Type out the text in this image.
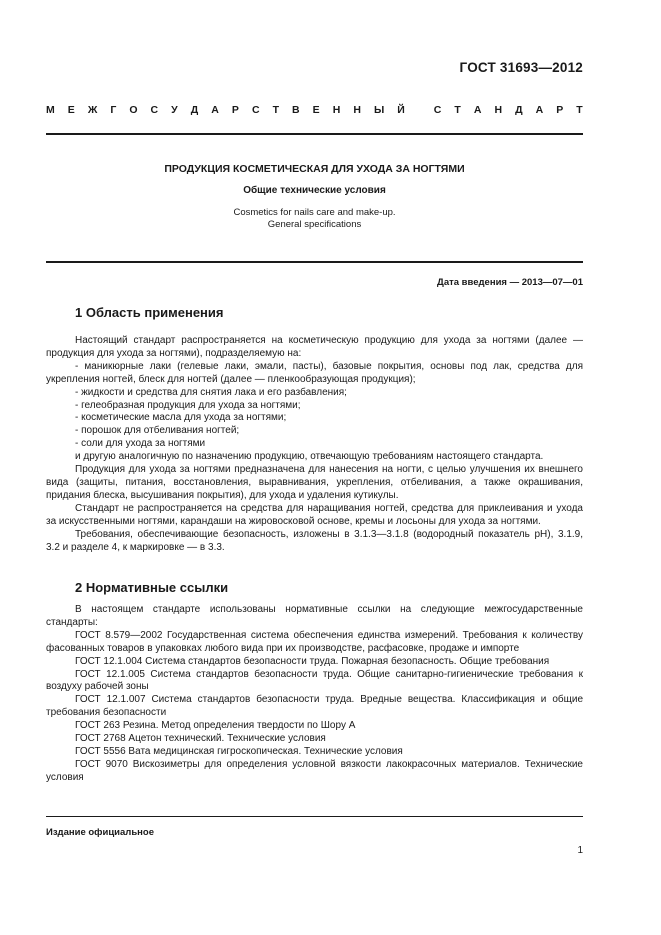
ГОСТ 31693—2012
М Е Ж Г О С У Д А Р С Т В Е Н Н Ы Й
	С Т А Н Д А Р Т
ПРОДУКЦИЯ КОСМЕТИЧЕСКАЯ ДЛЯ УХОДА ЗА НОГТЯМИ
Общие технические условия
Cosmetics for nails care and make-up.
General specifications
Дата введения — 2013—07—01
1 Область применения

Настоящий стандарт распространяется на косметическую продукцию для ухода за ногтями (далее — продукция для ухода за ногтями), подразделяемую на:

- маникюрные лаки (гелевые лаки, эмали, пасты), базовые покрытия, основы под лак, средства для укрепления ногтей, блеск для ногтей (далее — пленкообразующая продукция);

- жидкости и средства для снятия лака и его разбавления;

- гелеобразная продукция для ухода за ногтями;

- косметические масла для ухода за ногтями;

- порошок для отбеливания ногтей;

- соли для ухода за ногтями

и другую аналогичную по назначению продукцию, отвечающую требованиям настоящего стандарта.

Продукция для ухода за ногтями предназначена для нанесения на ногти, с целью улучшения их внешнего вида (защиты, питания, восстановления, выравнивания, укрепления, отбеливания, а также окрашивания, придания блеска, высушивания покрытия), для ухода и удаления кутикулы.

Стандарт не распространяется на средства для наращивания ногтей, средства для приклеивания и ухода за искусственными ногтями, карандаши на жировосковой основе, кремы и лосьоны для ухода за ногтями.

Требования, обеспечивающие безопасность, изложены в 3.1.3—3.1.8 (водородный показатель pH), 3.1.9, 3.2 и разделе 4, к маркировке — в 3.3.

2 Нормативные ссылки

В настоящем стандарте использованы нормативные ссылки на следующие межгосударственные стандарты:

ГОСТ 8.579—2002 Государственная система обеспечения единства измерений. Требования к количеству фасованных товаров в упаковках любого вида при их производстве, расфасовке, продаже и импорте

ГОСТ 12.1.004 Система стандартов безопасности труда. Пожарная безопасность. Общие требования

ГОСТ 12.1.005 Система стандартов безопасности труда. Общие санитарно-гигиенические требования к воздуху рабочей зоны

ГОСТ 12.1.007 Система стандартов безопасности труда. Вредные вещества. Классификация и общие требования безопасности

ГОСТ 263 Резина. Метод определения твердости по Шору А

ГОСТ 2768 Ацетон технический. Технические условия

ГОСТ 5556 Вата медицинская гигроскопическая. Технические условия

ГОСТ 9070 Вискозиметры для определения условной вязкости лакокрасочных материалов. Технические условия

Издание официальное
1
